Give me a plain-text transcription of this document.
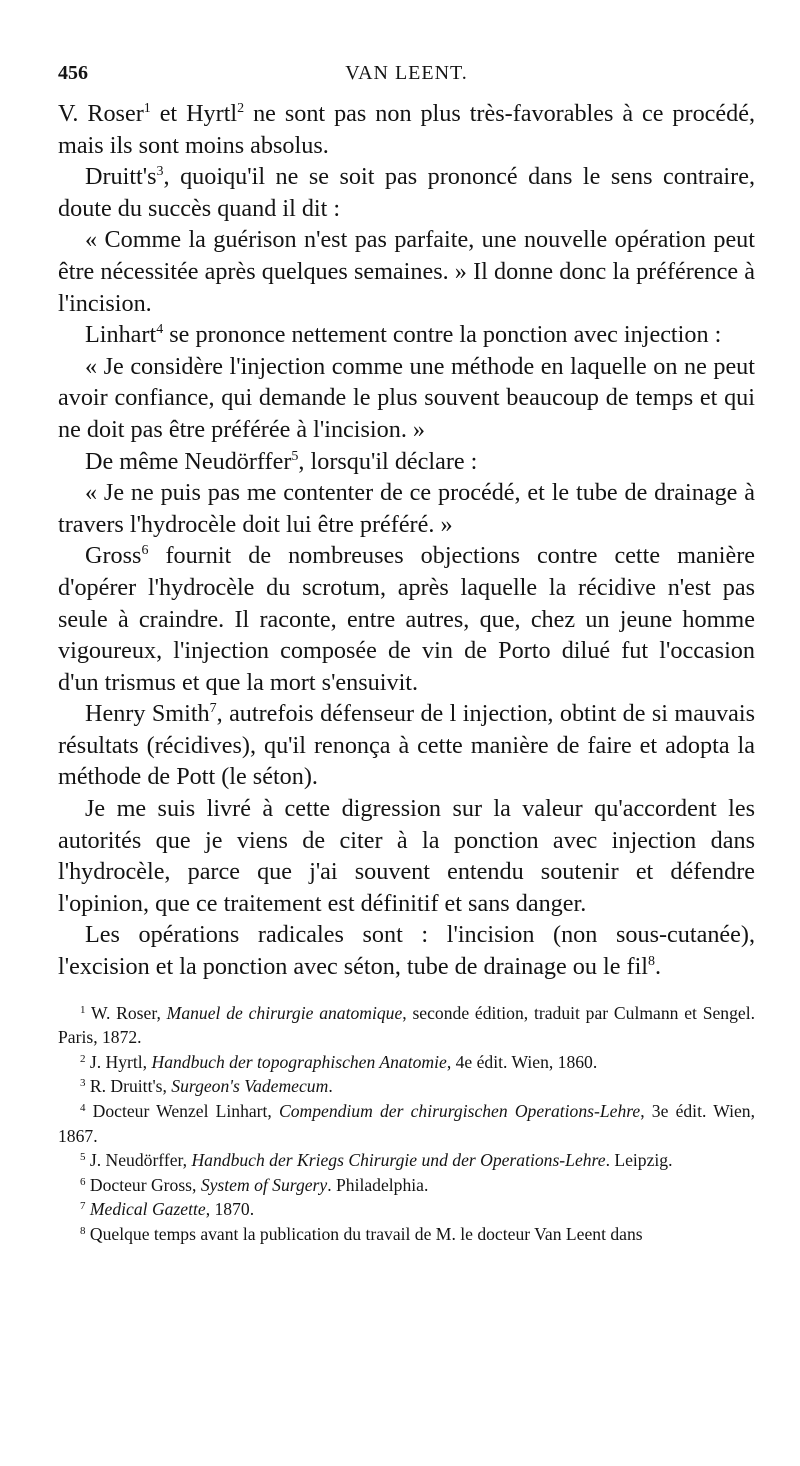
456	VAN LEENT.

V. Roser$^1$ et Hyrtl$^2$ ne sont pas non plus très-favorables à ce procédé, mais ils sont moins absolus.

$Druitt's^3$, quoiqu'il ne se soit pas prononcé dans le sens contraire, doute du succès quand il dit :

« Comme la guérison n'est pas parfaite, une nouvelle opération peut être nécessitée après quelques semaines. » Il donne donc la préférence à l'incision.

Linhart$^4$ se prononce nettement contre la ponction avec injection :

« Je considère l'injection comme une méthode en laquelle on ne peut avoir confiance, qui demande le plus souvent beaucoup de temps et qui ne doit pas être préférée à l'incision. »

De même Neudörffer$^5$, lorsqu'il déclare :

« Je ne puis pas me contenter de ce procédé, et le tube de drainage à travers l'hydrocèle doit lui être préféré. »

Gross$^6$ fournit de nombreuses objections contre cette manière d'opérer l'hydrocèle du scrotum, après laquelle la récidive n'est pas seule à craindre. Il raconte, entre autres, que, chez un jeune homme vigoureux, l'injection composée de vin de Porto dilué fut l'occasion d'un trismus et que la mort s'ensuivit.

Henry Smith$^7$, autrefois défenseur de l injection, obtint de si mauvais résultats (récidives), qu'il renonça à cette manière de faire et adopta la méthode de Pott (le séton).

Je me suis livré à cette digression sur la valeur qu'accordent les autorités que je viens de citer à la ponction avec injection dans l'hydrocèle, parce que j'ai souvent entendu soutenir et défendre l'opinion, que ce traitement est définitif et sans danger.

Les opérations radicales sont : l'incision (non sous-cutanée), l'excision et la ponction avec séton, tube de drainage ou le fil$^8$.

$^1$ W. Roser, Manuel de chirurgie anatomique, seconde édition, traduit par Culmann et Sengel. Paris, 1872.

$^2$ J. Hyrtl, Handbuch der topographischen Anatomie, 4e édit. Wien, 1860.

$^3$ R. Druitt's, Surgeon's Vademecum.

$^4$ Docteur Wenzel Linhart, Compendium der chirurgischen Operations-Lehre, 3e édit. Wien, 1867.

$^5$ J. Neudörffer, Handbuch der Kriegs Chirurgie und der Operations-Lehre. Leipzig.

$^6$ Docteur Gross, System of Surgery. Philadelphia.

$^7$ Medical Gazette, 1870.

$^8$ Quelque temps avant la publication du travail de M. le docteur Van Leent dans
